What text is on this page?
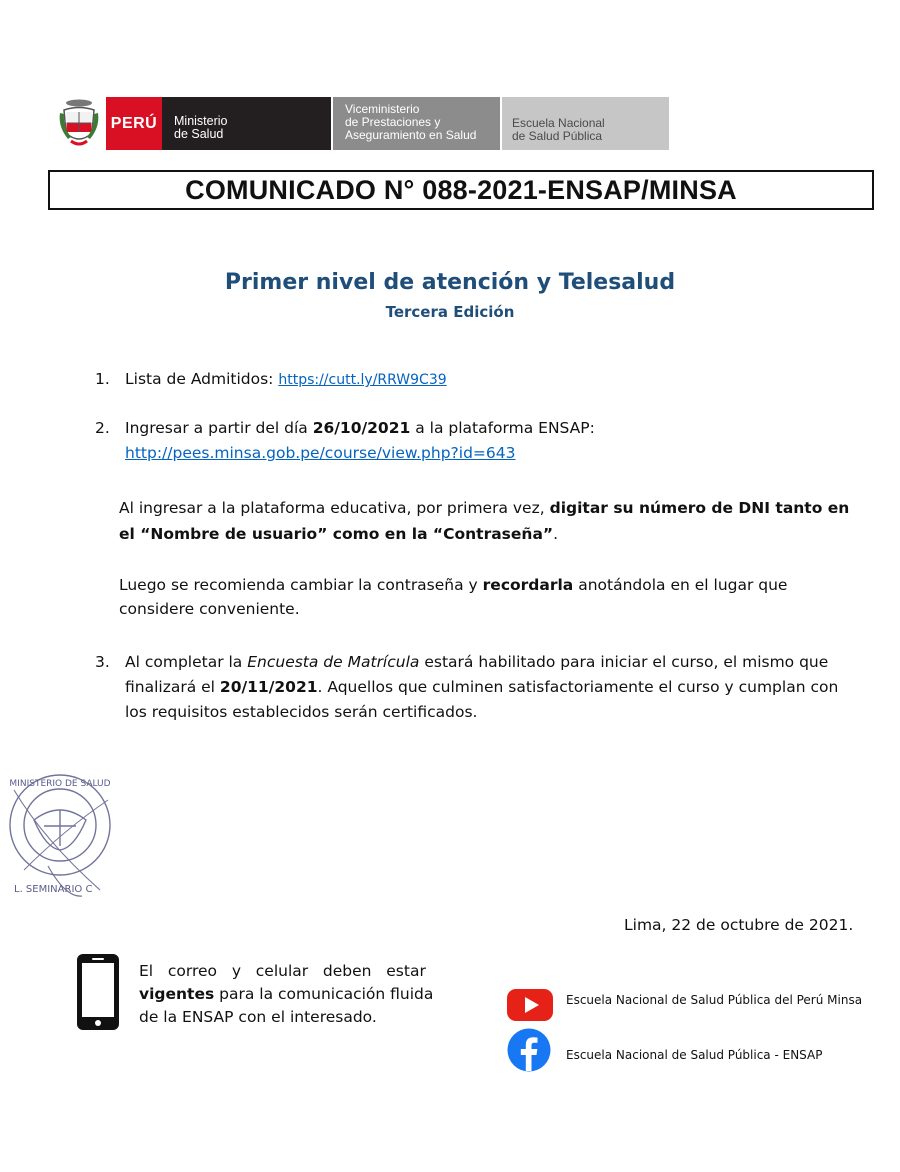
PERÚ	Ministerio
de Salud
Viceministerio
de Prestaciones y
Aseguramiento en Salud
Escuela Nacional
de Salud Pública
COMUNICADO N° 088-2021-ENSAP/MINSA
Primer nivel de atención y Telesalud
Tercera Edición
1. Lista de Admitidos: https://cutt.ly/RRW9C39
2. Ingresar a partir del día 26/10/2021 a la plataforma ENSAP:
http://pees.minsa.gob.pe/course/view.php?id=643
Al ingresar a la plataforma educativa, por primera vez, digitar su número de DNI tanto en
el “Nombre de usuario” como en la “Contraseña”.
Luego se recomienda cambiar la contraseña y recordarla anotándola en el lugar que
considere conveniente.
3. Al completar la Encuesta de Matrícula estará habilitado para iniciar el curso, el mismo que
finalizará el 20/11/2021. Aquellos que culminen satisfactoriamente el curso y cumplan con
los requisitos establecidos serán certificados.
MINISTERIO DE SALUD
L. SEMINARIO C
Lima, 22 de octubre de 2021.
El   correo   y   celular   deben   estar
vigentes para la comunicación fluida
de la ENSAP con el interesado.
Escuela Nacional de Salud Pública del Perú Minsa
Escuela Nacional de Salud Pública - ENSAP
